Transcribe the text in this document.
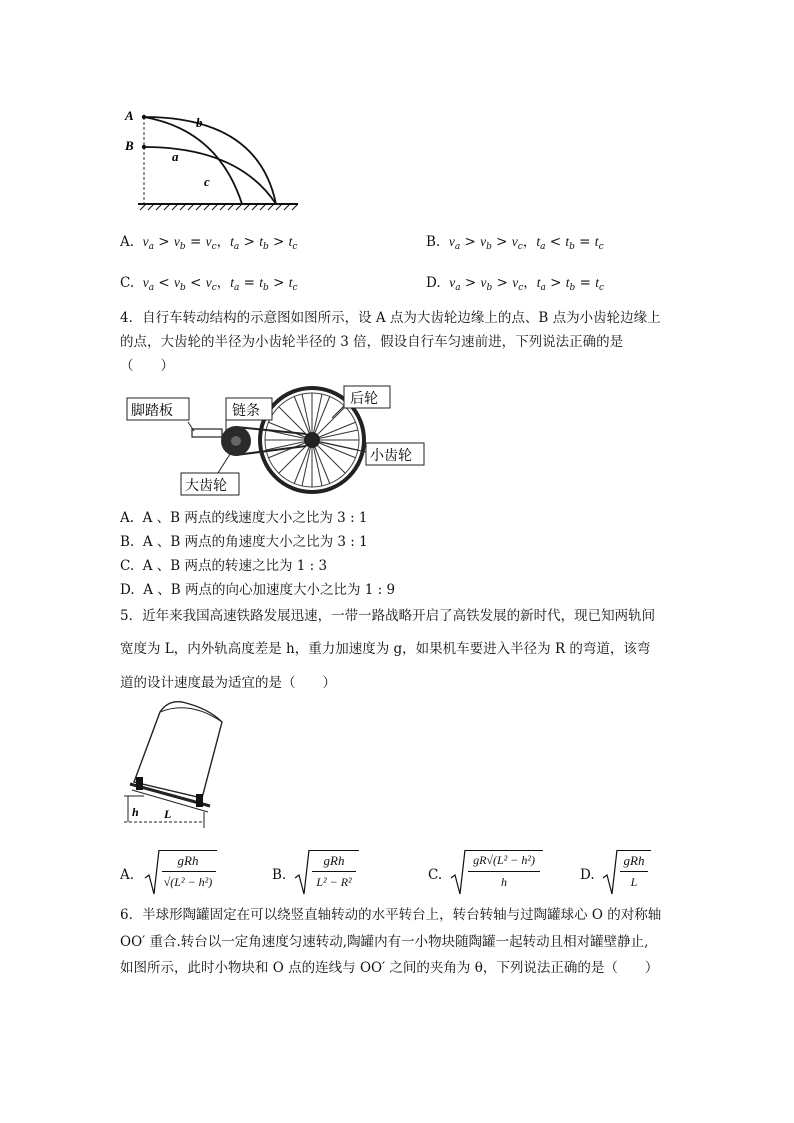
A
B
b
a
c
A. $v_a > v_b = v_c$，$t_a > t_b > t_c$	B. $v_a > v_b > v_c$，$t_a < t_b = t_c$
C. $v_a < v_b < v_c$，$t_a = t_b > t_c$	D. $v_a > v_b > v_c$，$t_a > t_b = t_c$
4．自行车转动结构的示意图如图所示，设 A 点为大齿轮边缘上的点、B 点为小齿轮边缘上
的点，大齿轮的半径为小齿轮半径的 3 倍，假设自行车匀速前进，下列说法正确的是
（　　）
脚踏板	链条
后轮
小齿轮
大齿轮
A. A 、B 两点的线速度大小之比为 3 : 1
B. A 、B 两点的角速度大小之比为 3 : 1
C. A 、B 两点的转速之比为 1 : 3
D. A 、B 两点的向心加速度大小之比为 1 : 9
5．近年来我国高速铁路发展迅速，一带一路战略开启了高铁发展的新时代，现已知两轨间
宽度为 L，内外轨高度差是 h，重力加速度为 g，如果机车要进入半径为 R 的弯道，该弯
道的设计速度最为适宜的是（　　）
h L
A.
gRh
√(L² − h²)	B.
gRh
L² − R²	C.
gR√(L² − h²)
h	D.
gRh
L
6．半球形陶罐固定在可以绕竖直轴转动的水平转台上，转台转轴与过陶罐球心 O 的对称轴
OO′ 重合.转台以一定角速度匀速转动,陶罐内有一小物块随陶罐一起转动且相对罐壁静止,
如图所示，此时小物块和 O 点的连线与 OO′ 之间的夹角为 θ，下列说法正确的是（　　）
